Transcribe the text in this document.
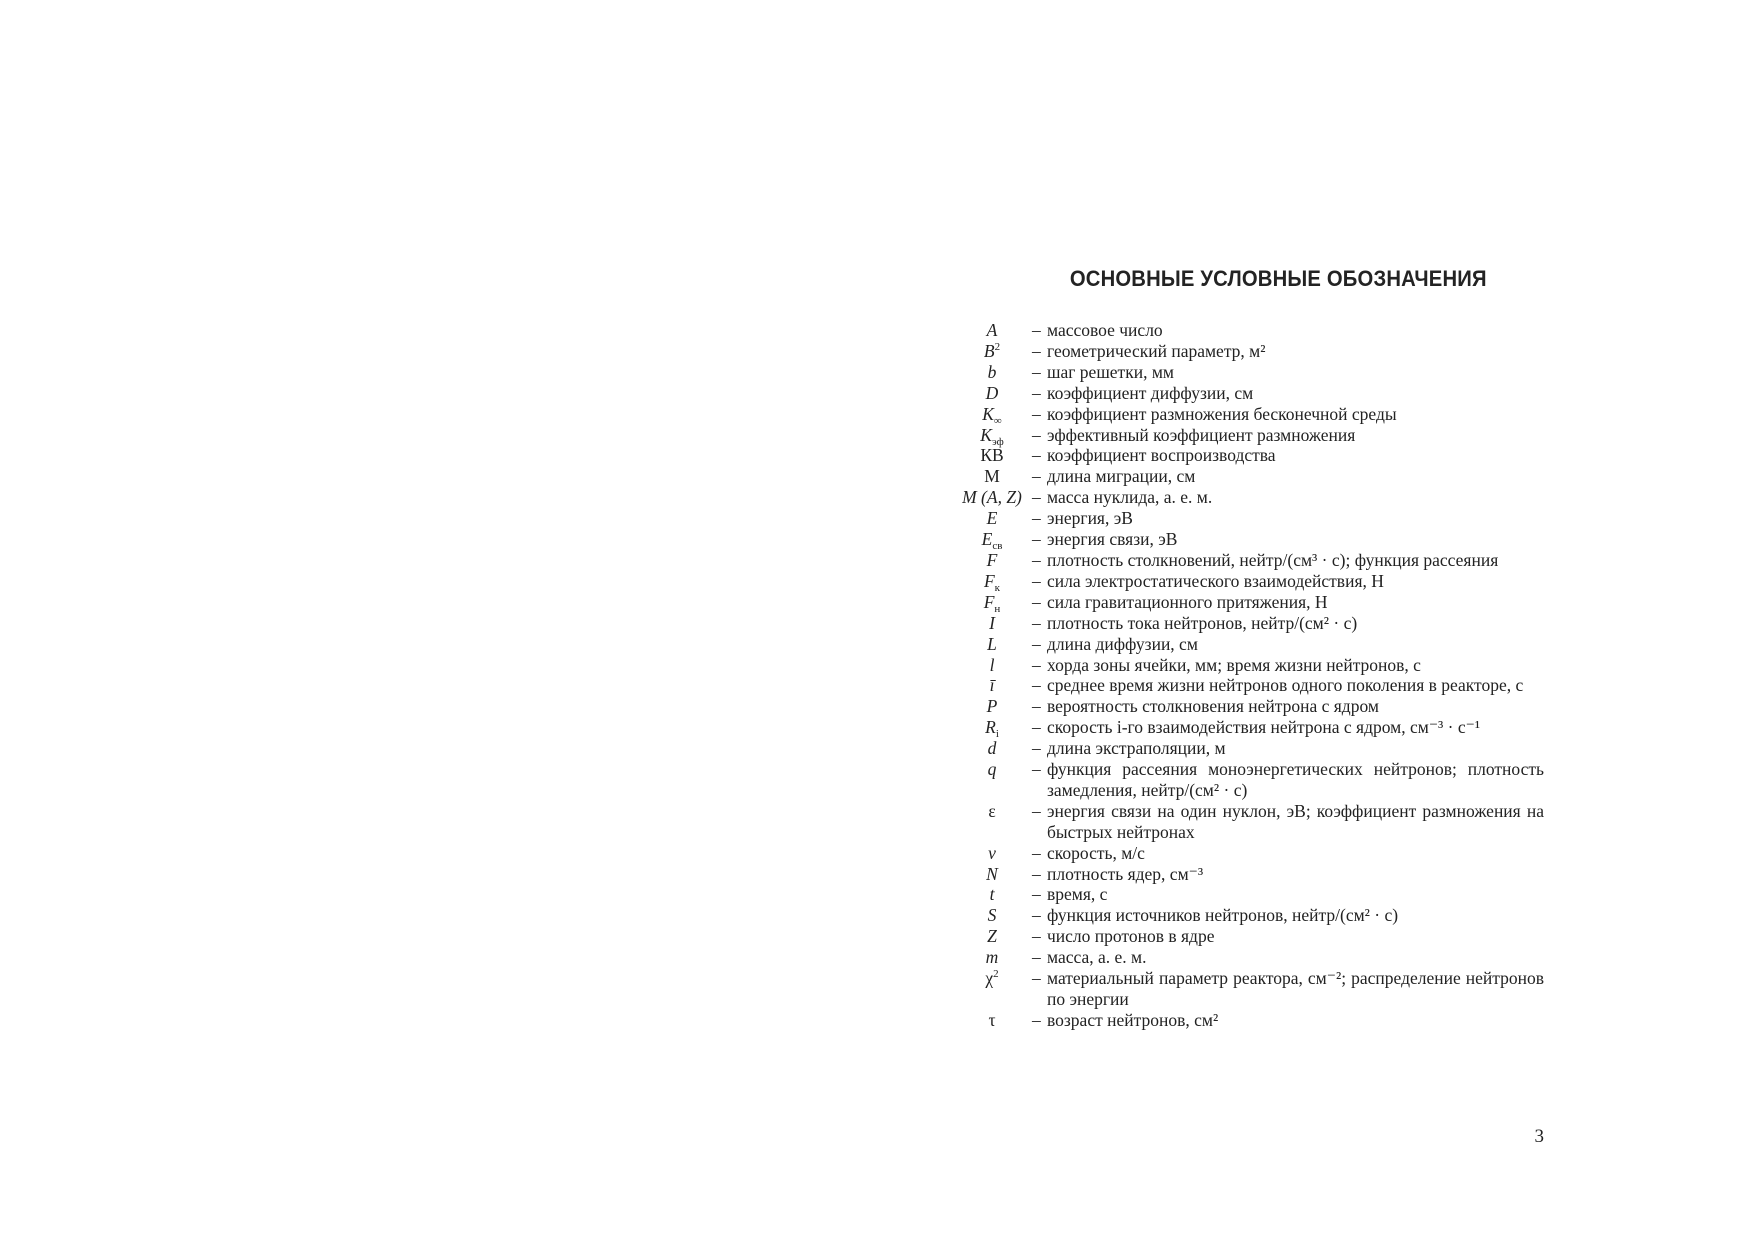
ОСНОВНЫЕ УСЛОВНЫЕ ОБОЗНАЧЕНИЯ
A	– массовое число
$B^2$	– геометрический параметр, м²
b	– шаг решетки, мм
D	– коэффициент диффузии, см
$K_\infty$	– коэффициент размножения бесконечной среды
$K_{эф}$	– эффективный коэффициент размножения
КВ	– коэффициент воспроизводства
М	– длина миграции, см
M (A, Z) – масса нуклида, а. е. м.
E	– энергия, эВ
$E_{св}$	– энергия связи, эВ
F	– плотность столкновений, нейтр/(см³ · с); функция рассеяния
$F_к$	– сила электростатического взаимодействия, Н
$F_н$	– сила гравитационного притяжения, Н
I	– плотность тока нейтронов, нейтр/(см² · с)
L	– длина диффузии, см
l	– хорда зоны ячейки, мм; время жизни нейтронов, с
ī	– среднее время жизни нейтронов одного поколения в реакторе, с
P	– вероятность столкновения нейтрона с ядром
$R_i$	– скорость i-го взаимодействия нейтрона с ядром, см⁻³ · с⁻¹
d	– длина экстраполяции, м
q	– функция рассеяния моноэнергетических нейтронов; плотность замедления, нейтр/(см² · с)
ε	– энергия связи на один нуклон, эВ; коэффициент размножения на быстрых нейтронах
v	– скорость, м/с
N	– плотность ядер, см⁻³
t	– время, с
S	– функция источников нейтронов, нейтр/(см² · с)
Z	– число протонов в ядре
m	– масса, а. е. м.
$\chi^2$	– материальный параметр реактора, см⁻²; распределение нейтронов по энергии
τ	– возраст нейтронов, см²
3
